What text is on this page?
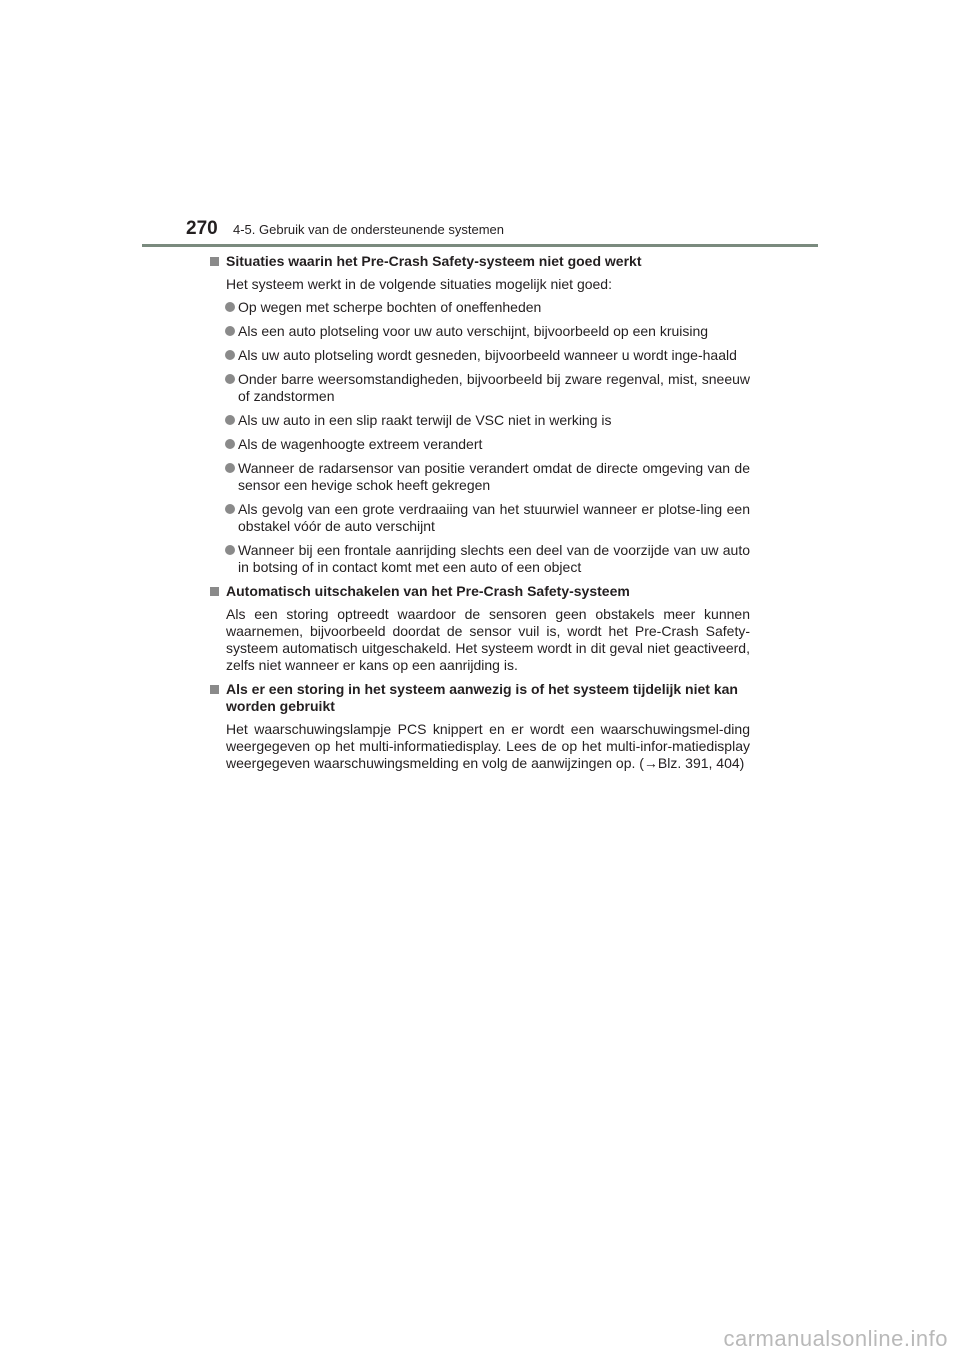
270 4-5. Gebruik van de ondersteunende systemen
Situaties waarin het Pre-Crash Safety-systeem niet goed werkt

Het systeem werkt in de volgende situaties mogelijk niet goed:

Op wegen met scherpe bochten of oneffenheden
Als een auto plotseling voor uw auto verschijnt, bijvoorbeeld op een kruising
Als uw auto plotseling wordt gesneden, bijvoorbeeld wanneer u wordt inge-haald
Onder barre weersomstandigheden, bijvoorbeeld bij zware regenval, mist, sneeuw of zandstormen
Als uw auto in een slip raakt terwijl de VSC niet in werking is
Als de wagenhoogte extreem verandert
Wanneer de radarsensor van positie verandert omdat de directe omgeving van de sensor een hevige schok heeft gekregen
Als gevolg van een grote verdraaiing van het stuurwiel wanneer er plotse-ling een obstakel vóór de auto verschijnt
Wanneer bij een frontale aanrijding slechts een deel van de voorzijde van uw auto in botsing of in contact komt met een auto of een object
Automatisch uitschakelen van het Pre-Crash Safety-systeem

Als een storing optreedt waardoor de sensoren geen obstakels meer kunnen waarnemen, bijvoorbeeld doordat de sensor vuil is, wordt het Pre-Crash Safety-systeem automatisch uitgeschakeld. Het systeem wordt in dit geval niet geactiveerd, zelfs niet wanneer er kans op een aanrijding is.

Als er een storing in het systeem aanwezig is of het systeem tijdelijk niet kan worden gebruikt

Het waarschuwingslampje PCS knippert en er wordt een waarschuwingsmel-ding weergegeven op het multi-informatiedisplay. Lees de op het multi-infor-matiedisplay weergegeven waarschuwingsmelding en volg de aanwijzingen op. (→Blz. 391, 404)

carmanualsonline.info
